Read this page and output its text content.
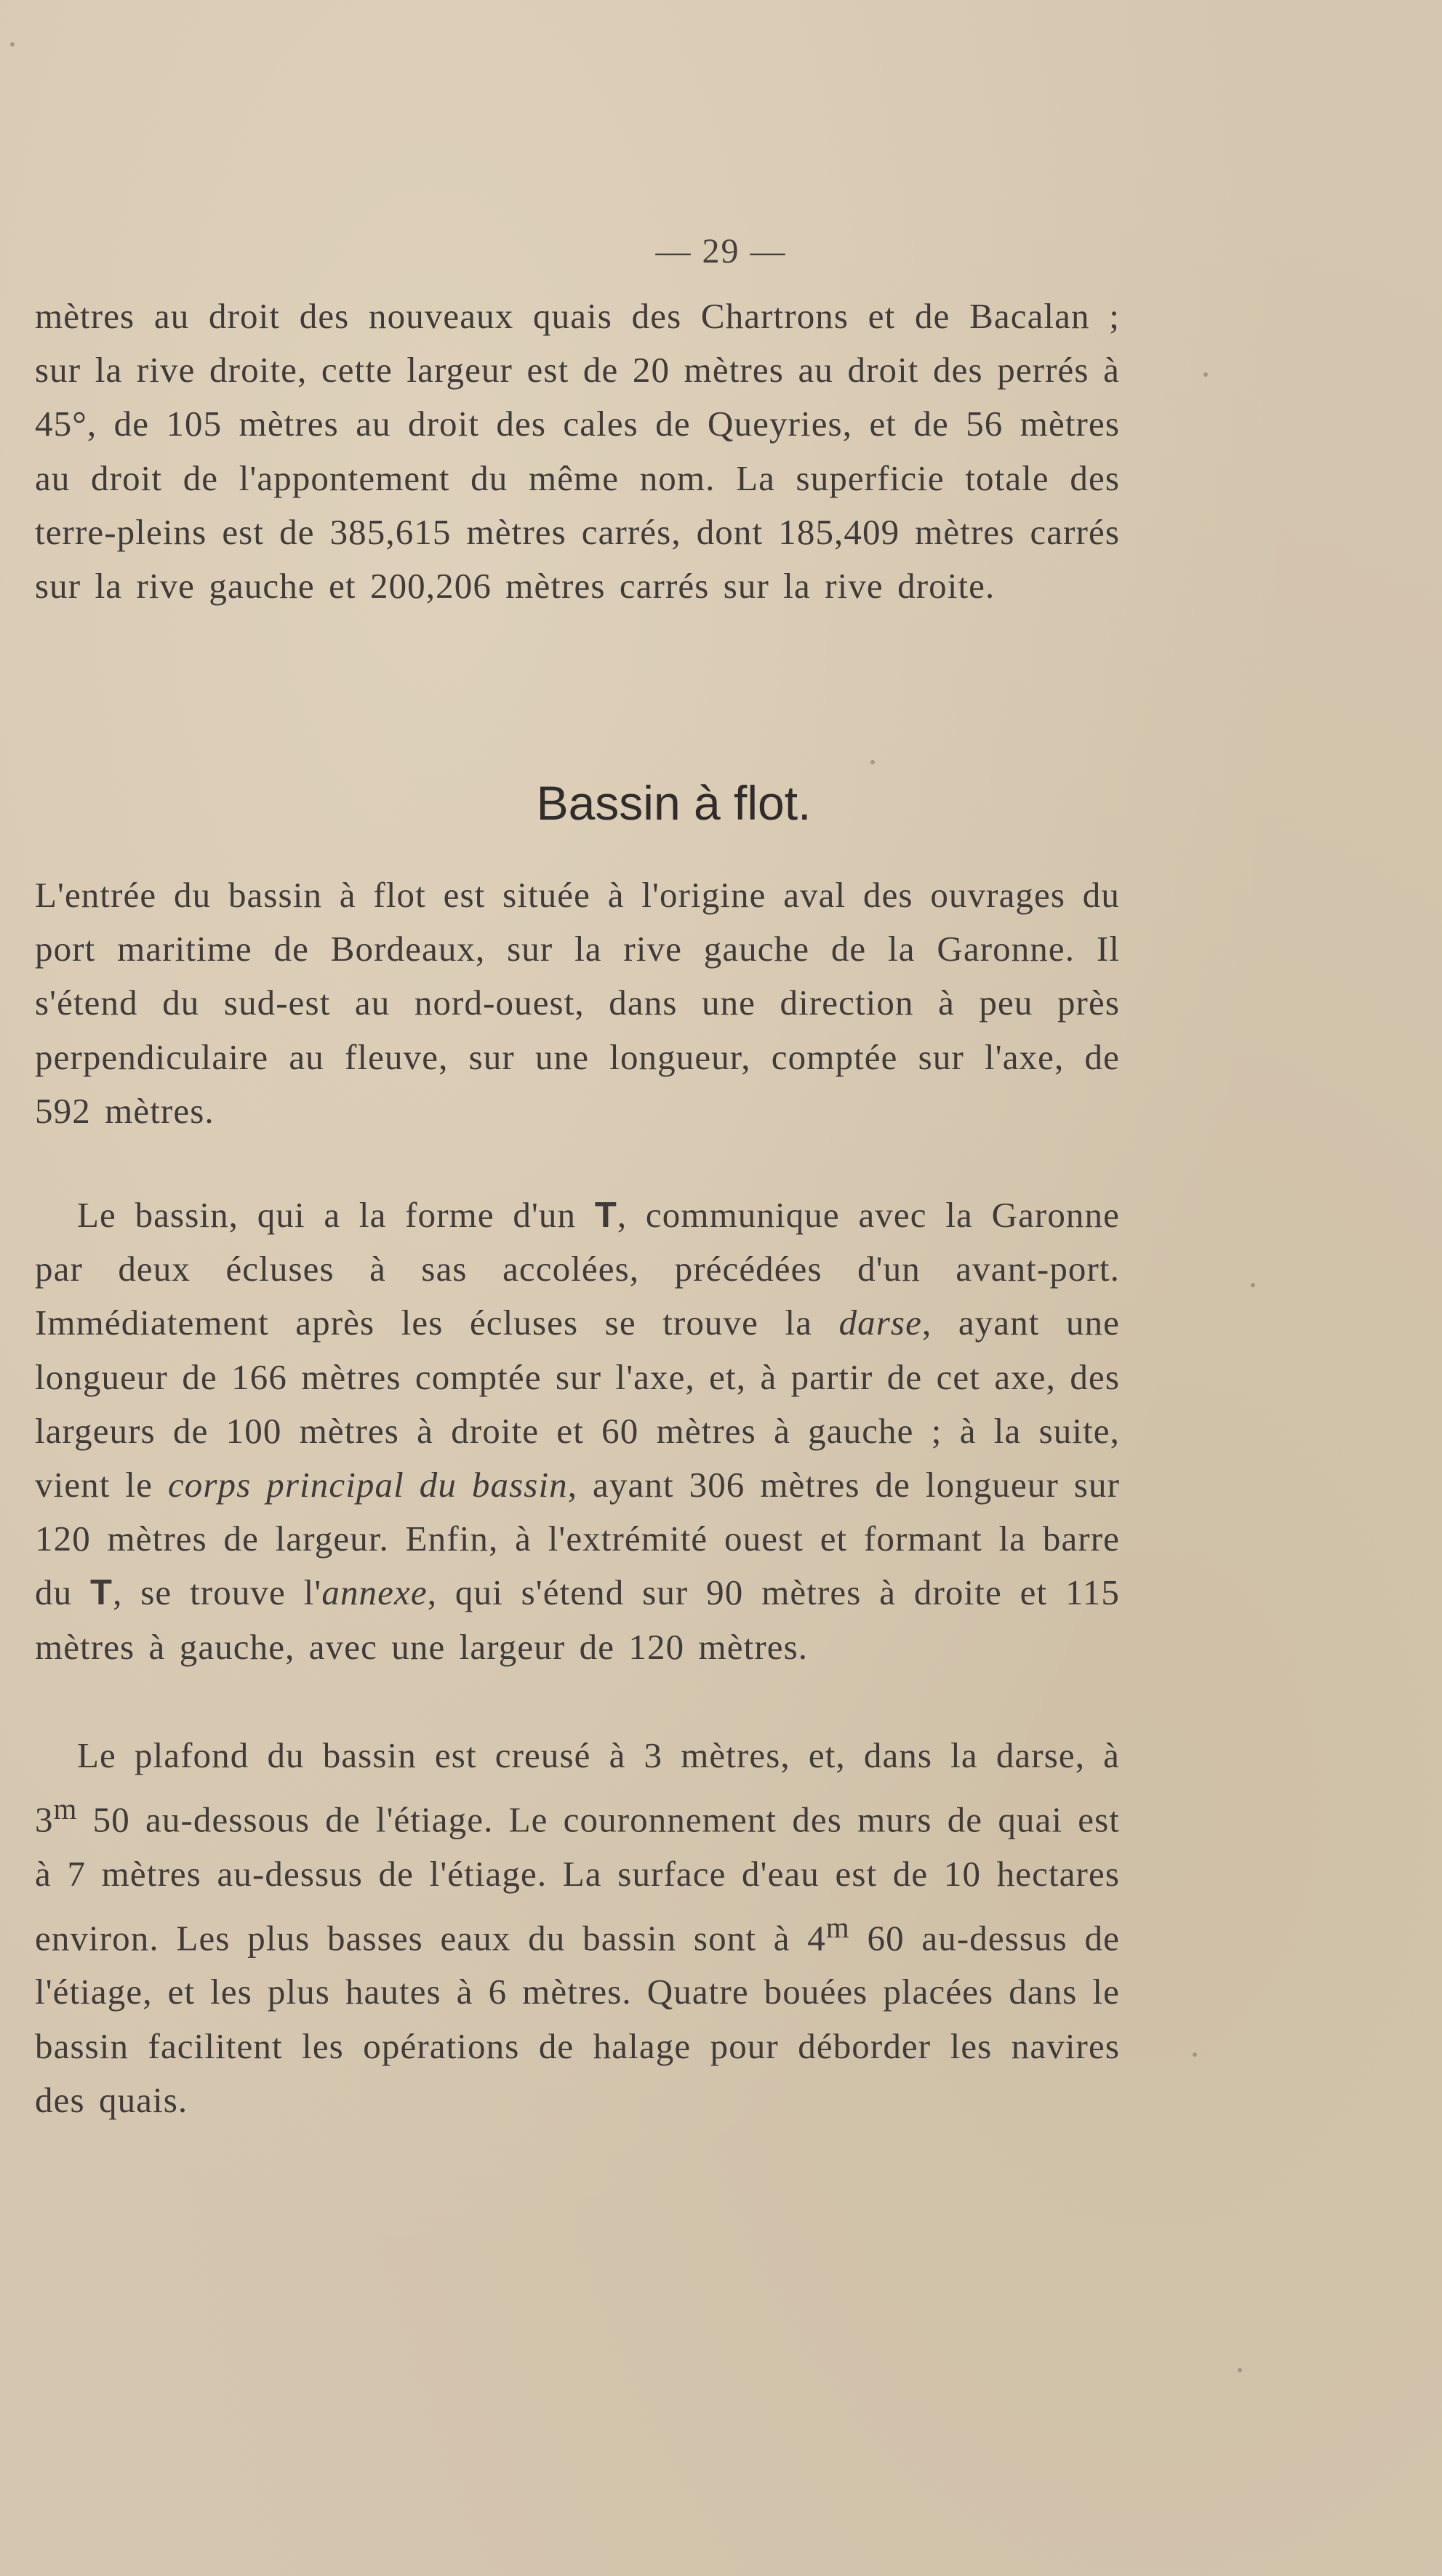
— 29 —

mètres au droit des nouveaux quais des Chartrons et de Bacalan ; sur la rive droite, cette largeur est de 20 mètres au droit des perrés à 45°, de 105 mètres au droit des cales de Queyries, et de 56 mètres au droit de l'appontement du même nom. La superficie totale des terre-pleins est de 385,615 mètres carrés, dont 185,409 mètres carrés sur la rive gauche et 200,206 mètres carrés sur la rive droite.

Bassin à flot.

L'entrée du bassin à flot est située à l'origine aval des ouvrages du port maritime de Bordeaux, sur la rive gauche de la Garonne. Il s'étend du sud-est au nord-ouest, dans une direction à peu près perpendiculaire au fleuve, sur une longueur, comptée sur l'axe, de 592 mètres.

Le bassin, qui a la forme d'un T, communique avec la Garonne par deux écluses à sas accolées, précédées d'un avant-port. Immédiatement après les écluses se trouve la darse, ayant une longueur de 166 mètres comptée sur l'axe, et, à partir de cet axe, des largeurs de 100 mètres à droite et 60 mètres à gauche ; à la suite, vient le corps principal du bassin, ayant 306 mètres de longueur sur 120 mètres de largeur. Enfin, à l'extrémité ouest et formant la barre du T, se trouve l'annexe, qui s'étend sur 90 mètres à droite et 115 mètres à gauche, avec une largeur de 120 mètres.

Le plafond du bassin est creusé à 3 mètres, et, dans la darse, à 3$^m$ 50 au-dessous de l'étiage. Le couronnement des murs de quai est à 7 mètres au-dessus de l'étiage. La surface d'eau est de 10 hectares environ. Les plus basses eaux du bassin sont à 4$^m$ 60 au-dessus de l'étiage, et les plus hautes à 6 mètres. Quatre bouées placées dans le bassin facilitent les opérations de halage pour déborder les navires des quais.
